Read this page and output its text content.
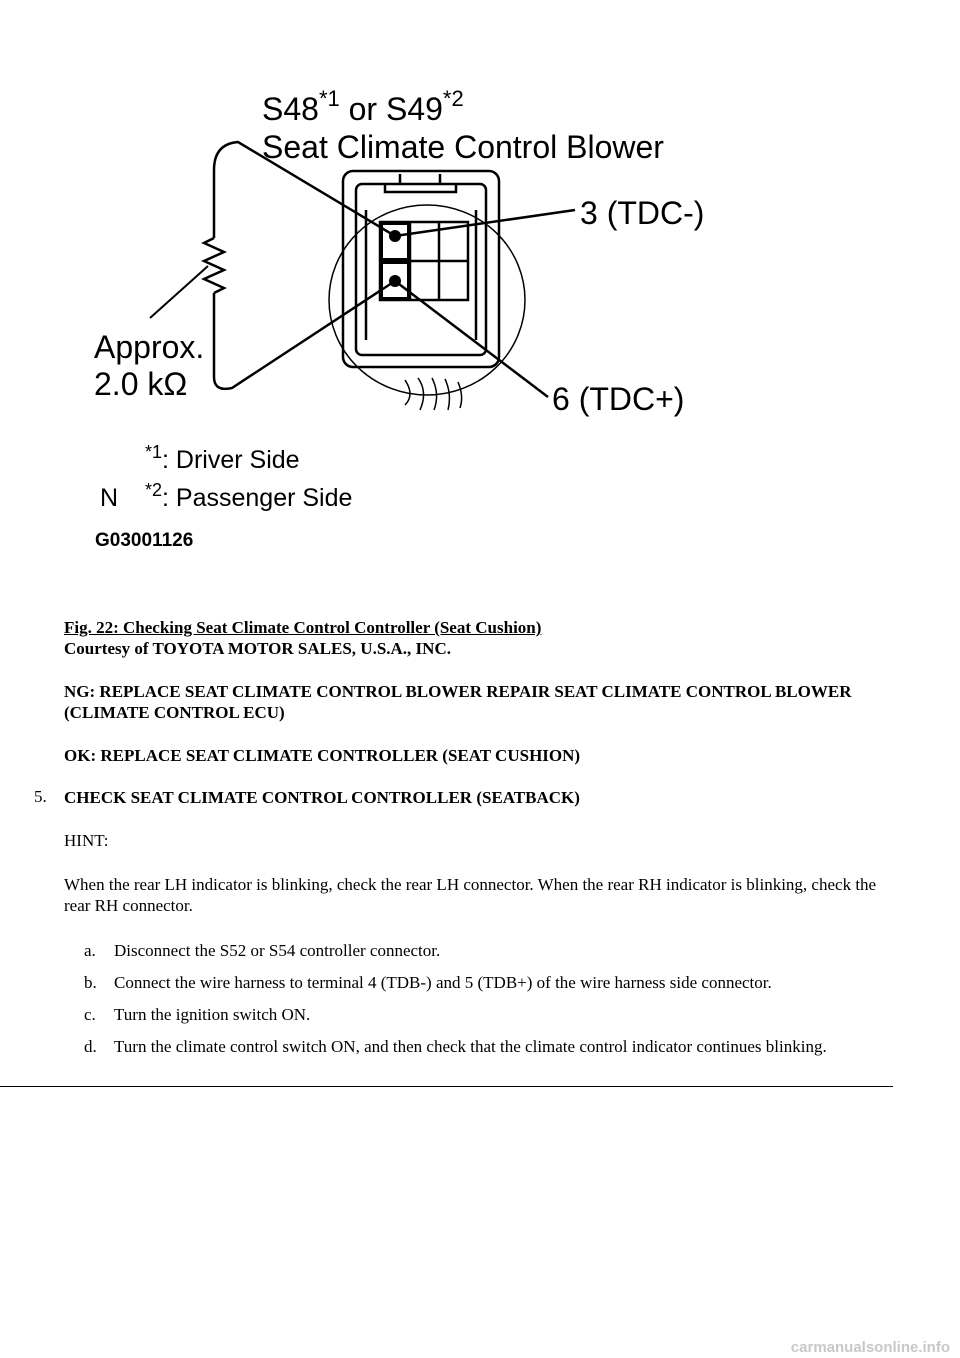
S48$^{*1}$ or S49$^{*2}$
Seat Climate Control Blower
3 (TDC-)
6 (TDC+)
Approx.
2.0 kΩ
$^{*1}$: Driver Side
N *2: Passenger Side
G03001126
Fig. 22: Checking Seat Climate Control Controller (Seat Cushion)
Courtesy of TOYOTA MOTOR SALES, U.S.A., INC.
NG: REPLACE SEAT CLIMATE CONTROL BLOWER REPAIR SEAT CLIMATE CONTROL BLOWER (CLIMATE CONTROL ECU)
OK: REPLACE SEAT CLIMATE CONTROLLER (SEAT CUSHION)
5. CHECK SEAT CLIMATE CONTROL CONTROLLER (SEATBACK)
HINT:
When the rear LH indicator is blinking, check the rear LH connector. When the rear RH indicator is blinking, check the rear RH connector.
a. Disconnect the S52 or S54 controller connector.
b. Connect the wire harness to terminal 4 (TDB-) and 5 (TDB+) of the wire harness side connector.
c. Turn the ignition switch ON.
d. Turn the climate control switch ON, and then check that the climate control indicator continues blinking.
carmanualsonline.info
